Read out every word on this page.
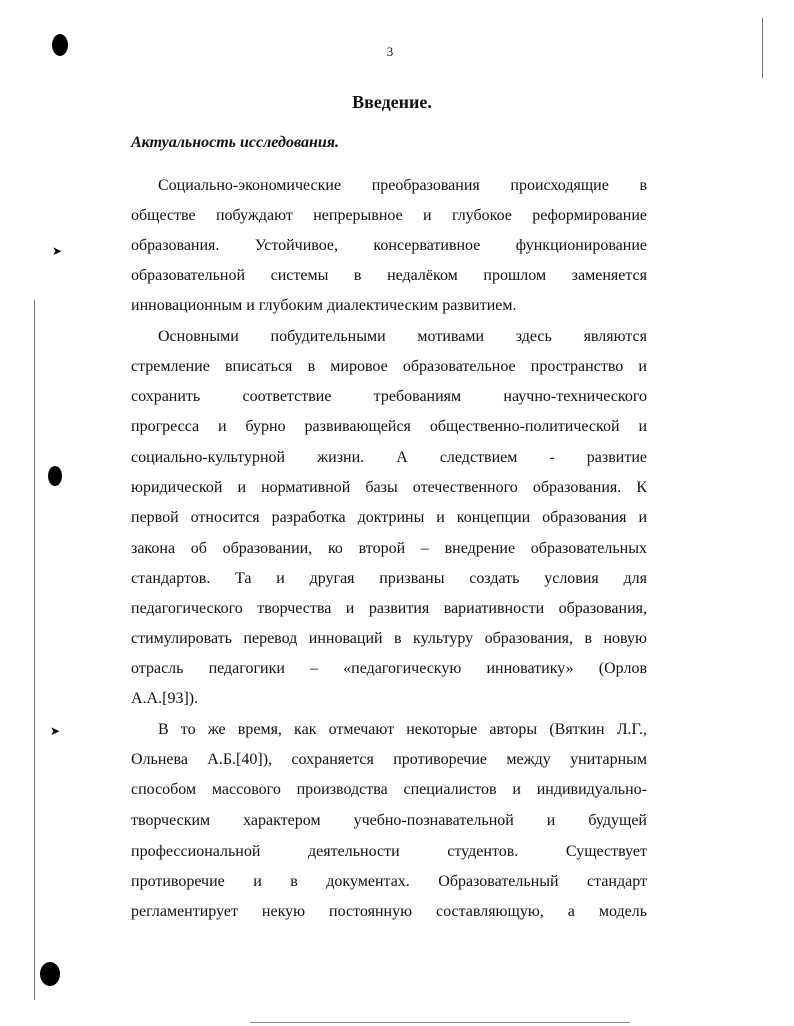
➤
➤
3
Введение.
Актуальность исследования.
Социально-экономические преобразования происходящие в
обществе побуждают непрерывное и глубокое реформирование
образования. Устойчивое, консервативное функционирование
образовательной системы в недалёком прошлом заменяется
инновационным и глубоким диалектическим развитием.
Основными побудительными мотивами здесь являются
стремление вписаться в мировое образовательное пространство и
сохранить соответствие требованиям научно-технического
прогресса и бурно развивающейся общественно-политической и
социально-культурной жизни. А следствием - развитие
юридической и нормативной базы отечественного образования. К
первой относится разработка доктрины и концепции образования и
закона об образовании, ко второй – внедрение образовательных
стандартов. Та и другая призваны создать условия для
педагогического творчества и развития вариативности образования,
стимулировать перевод инноваций в культуру образования, в новую
отрасль педагогики – «педагогическую инноватику» (Орлов
А.А.[93]).
В то же время, как отмечают некоторые авторы (Вяткин Л.Г.,
Ольнева А.Б.[40]), сохраняется противоречие между унитарным
способом массового производства специалистов и индивидуально-
творческим характером учебно-познавательной и будущей
профессиональной деятельности студентов. Существует
противоречие и в документах. Образовательный стандарт
регламентирует некую постоянную составляющую, а модель
